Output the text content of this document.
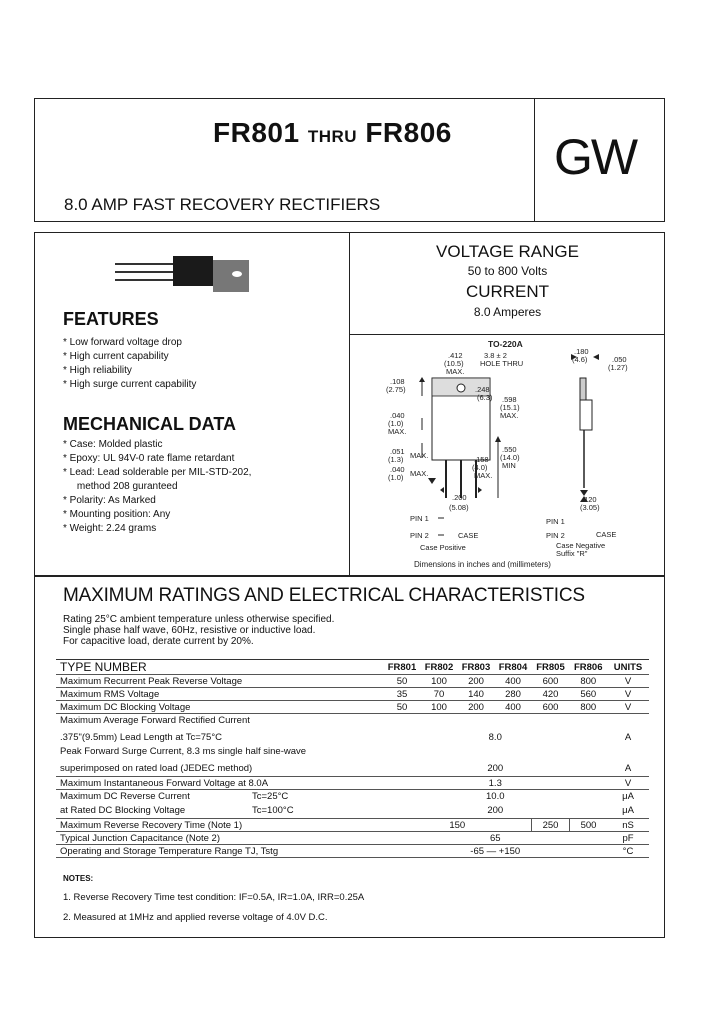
FR801 THRU FR806
8.0 AMP FAST RECOVERY RECTIFIERS
GW
FEATURES
* Low forward voltage drop
* High current capability
* High reliability
* High surge current capability
MECHANICAL DATA
* Case: Molded plastic
* Epoxy: UL 94V-0 rate flame retardant
* Lead: Lead solderable per MIL-STD-202,
method 208 guranteed
* Polarity: As Marked
* Mounting position: Any
* Weight: 2.24 grams
VOLTAGE RANGE
50 to 800 Volts
CURRENT
8.0 Amperes
TO-220A
.412
(10.5)
MAX.
3.8 ± 2
HOLE THRU
.108
(2.75)	.248
(6.3) .598
(15.1)
MAX.
.040
(1.0)
MAX.
.051
(1.3) MAX.
.040
(1.0) MAX.
.158
(4.0)
MAX.
.550
(14.0)
MIN
.200
(5.08)
.180
(4.6)	.050
(1.27)
.120
(3.05)
PIN 1
PIN 2	CASE
Case Positive
PIN 1
PIN 2	CASE
Case Negative
Suffix "R"
Dimensions in inches and (millimeters)
MAXIMUM RATINGS AND ELECTRICAL CHARACTERISTICS
Rating 25°C ambient temperature unless otherwise specified.
Single phase half wave, 60Hz, resistive or inductive load.
For capacitive load, derate current by 20%.
TYPE NUMBER	FR801	FR802	FR803	FR804	FR805	FR806	UNITS
Maximum Recurrent Peak Reverse Voltage	50	100	200	400	600	800	V
Maximum RMS Voltage	35	70	140	280	420	560	V
Maximum DC Blocking Voltage	50	100	200	400	600	800	V

Maximum Average Forward Rectified Current
.375"(9.5mm) Lead Length at Tc=75°C	8.0						A

Peak Forward Surge Current, 8.3 ms single half sine-wave
superimposed on rated load (JEDEC method)	200						A
Maximum Instantaneous Forward Voltage at 8.0A	1.3						V
Maximum DC Reverse Current Tc=25°C	10.0						μA
at Rated DC Blocking Voltage Tc=100°C	200						μA
Maximum Reverse Recovery Time (Note 1)	150				250	500	nS
Typical Junction Capacitance (Note 2)	65						pF
Operating and Storage Temperature Range TJ, Tstg	-65 — +150						°C
NOTES:
1. Reverse Recovery Time test condition: IF=0.5A, IR=1.0A, IRR=0.25A
2. Measured at 1MHz and applied reverse voltage of 4.0V D.C.
